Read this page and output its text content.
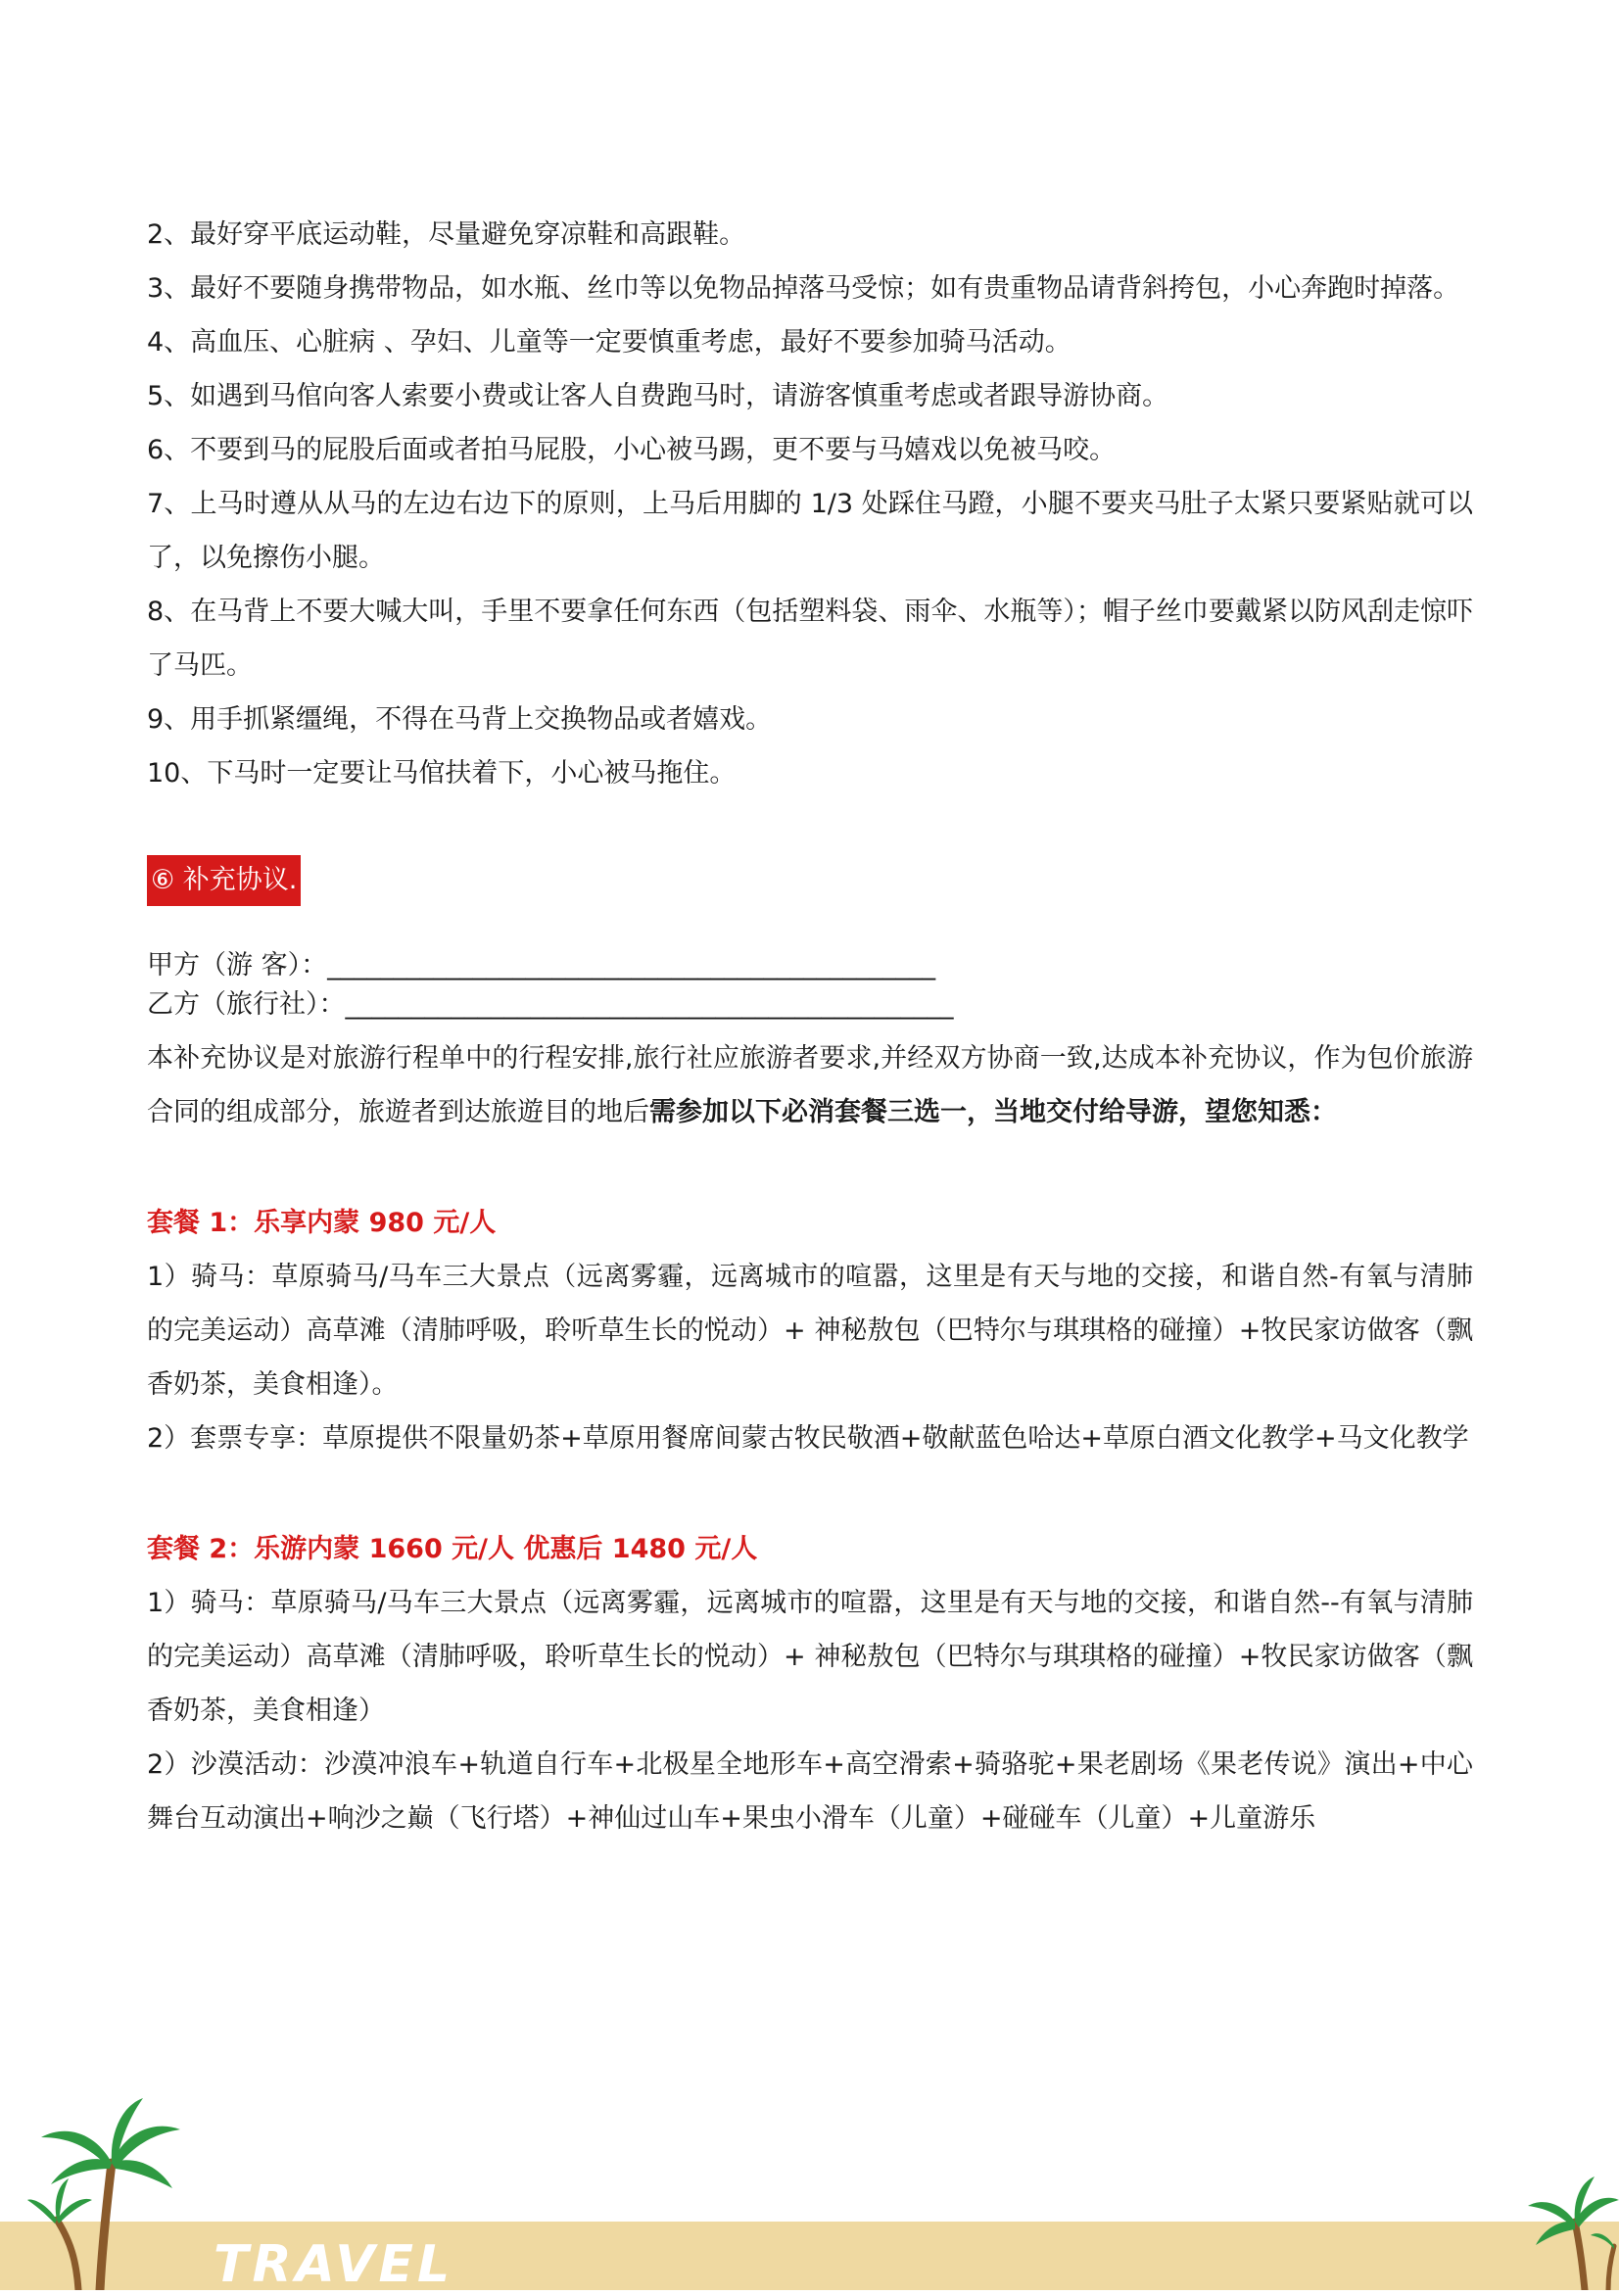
2、最好穿平底运动鞋，尽量避免穿凉鞋和高跟鞋。
3、最好不要随身携带物品，如水瓶、丝巾等以免物品掉落马受惊；如有贵重物品请背斜挎包，小心奔跑时掉落。
4、高血压、心脏病 、孕妇、儿童等一定要慎重考虑，最好不要参加骑马活动。
5、如遇到马倌向客人索要小费或让客人自费跑马时，请游客慎重考虑或者跟导游协商。
6、不要到马的屁股后面或者拍马屁股，小心被马踢，更不要与马嬉戏以免被马咬。
7、上马时遵从从马的左边右边下的原则，上马后用脚的 1/3 处踩住马蹬，小腿不要夹马肚子太紧只要紧贴就可以了，以免擦伤小腿。
8、在马背上不要大喊大叫，手里不要拿任何东西（包括塑料袋、雨伞、水瓶等）；帽子丝巾要戴紧以防风刮走惊吓了马匹。
9、用手抓紧缰绳，不得在马背上交换物品或者嬉戏。
10、下马时一定要让马倌扶着下，小心被马拖住。
⑥ 补充协议.
甲方（游 客）：______________________________________________
乙方（旅行社）：______________________________________________
本补充协议是对旅游行程单中的行程安排,旅行社应旅游者要求,并经双方协商一致,达成本补充协议，作为包价旅游合同的组成部分，旅遊者到达旅遊目的地后需参加以下必消套餐三选一，当地交付给导游，望您知悉：
套餐 1：乐享内蒙 980 元/人
1）骑马：草原骑马/马车三大景点（远离雾霾，远离城市的喧嚣，这里是有天与地的交接，和谐自然-有氧与清肺的完美运动）高草滩（清肺呼吸，聆听草生长的悦动）+ 神秘敖包（巴特尔与琪琪格的碰撞）+牧民家访做客（飘香奶茶，美食相逢）。
2）套票专享：草原提供不限量奶茶+草原用餐席间蒙古牧民敬酒+敬献蓝色哈达+草原白酒文化教学+马文化教学
套餐 2：乐游内蒙 1660 元/人 优惠后 1480 元/人
1）骑马：草原骑马/马车三大景点（远离雾霾，远离城市的喧嚣，这里是有天与地的交接，和谐自然--有氧与清肺的完美运动）高草滩（清肺呼吸，聆听草生长的悦动）+ 神秘敖包（巴特尔与琪琪格的碰撞）+牧民家访做客（飘香奶茶，美食相逢）
2）沙漠活动：沙漠冲浪车+轨道自行车+北极星全地形车+高空滑索+骑骆驼+果老剧场《果老传说》演出+中心舞台互动演出+响沙之巅（飞行塔）+神仙过山车+果虫小滑车（儿童）+碰碰车（儿童）+儿童游乐
TRAVEL
